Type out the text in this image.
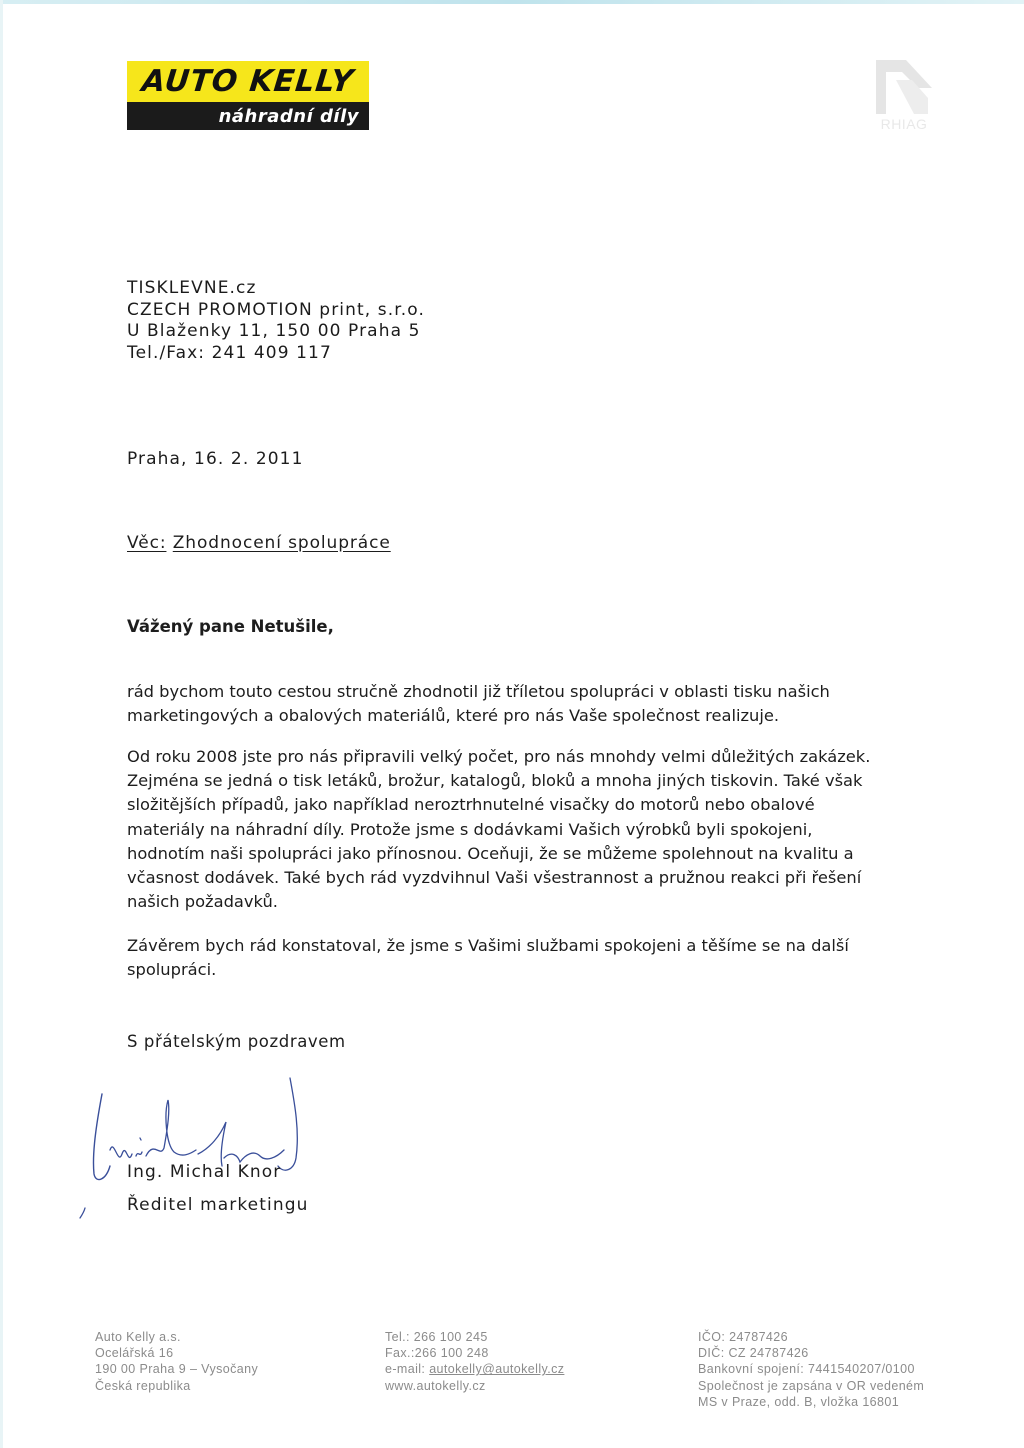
AUTO KELLY
náhradní díly	RHIAG
TISKLEVNE.cz
CZECH PROMOTION print, s.r.o.
U Blaženky 11, 150 00 Praha 5
Tel./Fax: 241 409 117
Praha, 16. 2. 2011
Věc: Zhodnocení spolupráce
Vážený pane Netušile,
rád bychom touto cestou stručně zhodnotil již tříletou spolupráci v oblasti tisku našich
marketingových a obalových materiálů, které pro nás Vaše společnost realizuje.
Od roku 2008 jste pro nás připravili velký počet, pro nás mnohdy velmi důležitých zakázek.
Zejména se jedná o tisk letáků, brožur, katalogů, bloků a mnoha jiných tiskovin. Také však
složitějších případů, jako například neroztrhnutelné visačky do motorů nebo obalové
materiály na náhradní díly. Protože jsme s dodávkami Vašich výrobků byli spokojeni,
hodnotím naši spolupráci jako přínosnou. Oceňuji, že se můžeme spolehnout na kvalitu a
včasnost dodávek. Také bych rád vyzdvihnul Vaši všestrannost a pružnou reakci při řešení
našich požadavků.
Závěrem bych rád konstatoval, že jsme s Vašimi službami spokojeni a těšíme se na další
spolupráci.
S přátelským pozdravem
Ing. Michal Knor
Ředitel marketingu
Auto Kelly a.s.
Ocelářská 16
190 00 Praha 9 – Vysočany
Česká republika
Tel.: 266 100 245
Fax.:266 100 248
e-mail: autokelly@autokelly.cz
www.autokelly.cz
IČO: 24787426
DIČ: CZ 24787426
Bankovní spojení: 7441540207/0100
Společnost je zapsána v OR vedeném
MS v Praze, odd. B, vložka 16801
